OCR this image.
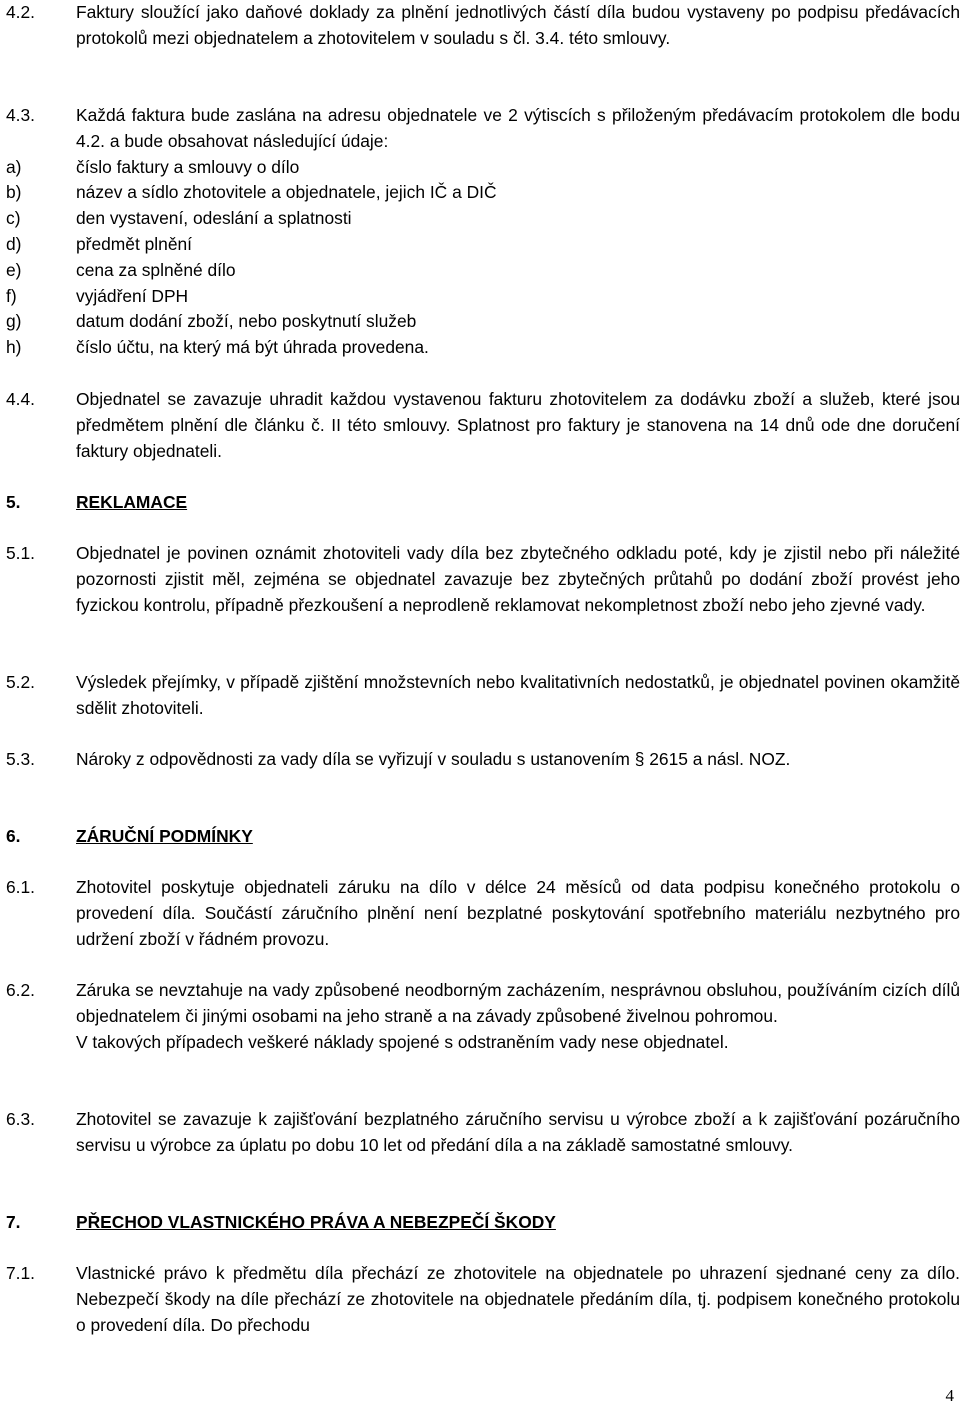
4.2.	Faktury sloužící jako daňové doklady za plnění jednotlivých částí díla budou vystaveny po podpisu předávacích protokolů mezi objednatelem a zhotovitelem v souladu s čl. 3.4. této smlouvy.
4.3.	Každá faktura bude zaslána na adresu objednatele ve 2 výtiscích s přiloženým předávacím protokolem dle bodu 4.2. a bude obsahovat následující údaje:
a)	číslo faktury a smlouvy o dílo
b)	název a sídlo zhotovitele a objednatele, jejich IČ a DIČ
c)	den vystavení, odeslání a splatnosti
d)	předmět plnění
e)	cena za splněné dílo
f)	vyjádření DPH
g)	datum dodání zboží, nebo poskytnutí služeb
h)	číslo účtu, na který má být úhrada provedena.
4.4.	Objednatel se zavazuje uhradit každou vystavenou fakturu zhotovitelem za dodávku zboží a služeb, které jsou předmětem plnění dle článku č. II této smlouvy. Splatnost pro faktury je stanovena na 14 dnů ode dne doručení faktury objednateli.
5.	REKLAMACE
5.1.	Objednatel je povinen oznámit zhotoviteli vady díla bez zbytečného odkladu poté, kdy je zjistil nebo při náležité pozornosti zjistit měl, zejména se objednatel zavazuje bez zbytečných průtahů po dodání zboží provést jeho fyzickou kontrolu, případně přezkoušení a neprodleně reklamovat nekompletnost zboží nebo jeho zjevné vady.
5.2.	Výsledek přejímky, v případě zjištění množstevních nebo kvalitativních nedostatků, je objednatel povinen okamžitě sdělit zhotoviteli.
5.3.	Nároky z odpovědnosti za vady díla se vyřizují v souladu s ustanovením § 2615 a násl. NOZ.
6.	ZÁRUČNÍ PODMÍNKY
6.1.	Zhotovitel poskytuje objednateli záruku na dílo v délce 24 měsíců od data podpisu konečného protokolu o provedení díla. Součástí záručního plnění není bezplatné poskytování spotřebního materiálu nezbytného pro udržení zboží v řádném provozu.
6.2.	Záruka se nevztahuje na vady způsobené neodborným zacházením, nesprávnou obsluhou, používáním cizích dílů objednatelem či jinými osobami na jeho straně a na závady způsobené živelnou pohromou.
V takových případech veškeré náklady spojené s odstraněním vady nese objednatel.
6.3.	Zhotovitel se zavazuje k zajišťování bezplatného záručního servisu u výrobce zboží a k zajišťování pozáručního servisu u výrobce za úplatu po dobu 10 let od předání díla a na základě samostatné smlouvy.
7.	PŘECHOD VLASTNICKÉHO PRÁVA A NEBEZPEČÍ ŠKODY
7.1.	Vlastnické právo k předmětu díla přechází ze zhotovitele na objednatele po uhrazení sjednané ceny za dílo. Nebezpečí škody na díle přechází ze zhotovitele na objednatele předáním díla, tj. podpisem konečného protokolu o provedení díla. Do přechodu
4
